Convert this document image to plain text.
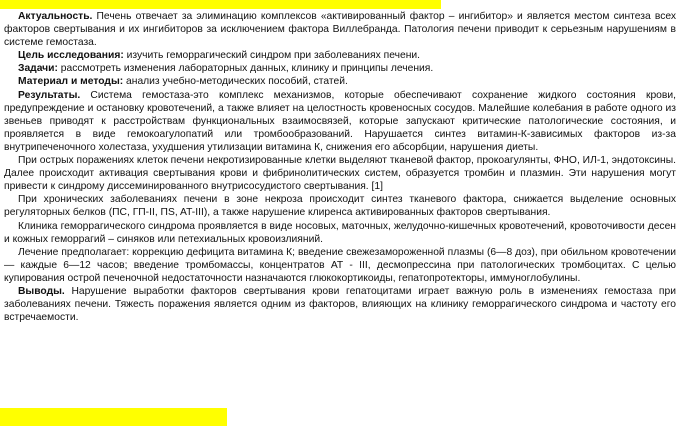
Актуальность. Печень отвечает за элиминацию комплексов «активированный фактор – ингибитор» и является местом синтеза всех факторов свертывания и их ингибиторов за исключением фактора Виллебранда. Патология печени приводит к серьезным нарушениям в системе гемостаза.

Цель исследования: изучить геморрагический синдром при заболеваниях печени.

Задачи: рассмотреть изменения лабораторных данных, клинику и принципы лечения.

Материал и методы: анализ учебно-методических пособий, статей.

Результаты. Система гемостаза-это комплекс механизмов, которые обеспечивают сохранение жидкого состояния крови, предупреждение и остановку кровотечений, а также влияет на целостность кровеносных сосудов. Малейшие колебания в работе одного из звеньев приводят к расстройствам функциональных взаимосвязей, которые запускают критические патологические состояния, и проявляется в виде гемокоагулопатий или тромбообразований. Нарушается синтез витамин-К-зависимых факторов из-за внутрипеченочного холестаза, ухудшения утилизации витамина К, снижения его абсорбции, нарушения диеты.

При острых поражениях клеток печени некротизированные клетки выделяют тканевой фактор, прокоагулянты, ФНО, ИЛ-1, эндотоксины. Далее происходит активация свертывания крови и фибринолитических систем, образуется тромбин и плазмин. Эти нарушения могут привести к синдрому диссеминированного внутрисосудистого свертывания. [1]

При хронических заболеваниях печени в зоне некроза происходит синтез тканевого фактора, снижается выделение основных регуляторных белков (ПС, ГП-II, ПS, AT-III), а также нарушение клиренса активированных факторов свертывания.

Клиника геморрагического синдрома проявляется в виде носовых, маточных, желудочно-кишечных кровотечений, кровоточивости десен и кожных геморрагий – синяков или петехиальных кровоизлияний.

Лечение предполагает: коррекцию дефицита витамина К; введение свежезамороженной плазмы (6—8 доз), при обильном кровотечении — каждые 6—12 часов; введение тромбомассы, концентратов АТ - III, десмопрессина при патологических тромбоцитах. С целью купирования острой печеночной недостаточности назначаются глюкокортикоиды, гепатопротекторы, иммуноглобулины.

Выводы. Нарушение выработки факторов свертывания крови гепатоцитами играет важную роль в изменениях гемостаза при заболеваниях печени. Тяжесть поражения является одним из факторов, влияющих на клинику геморрагического синдрома и частоту его встречаемости.
